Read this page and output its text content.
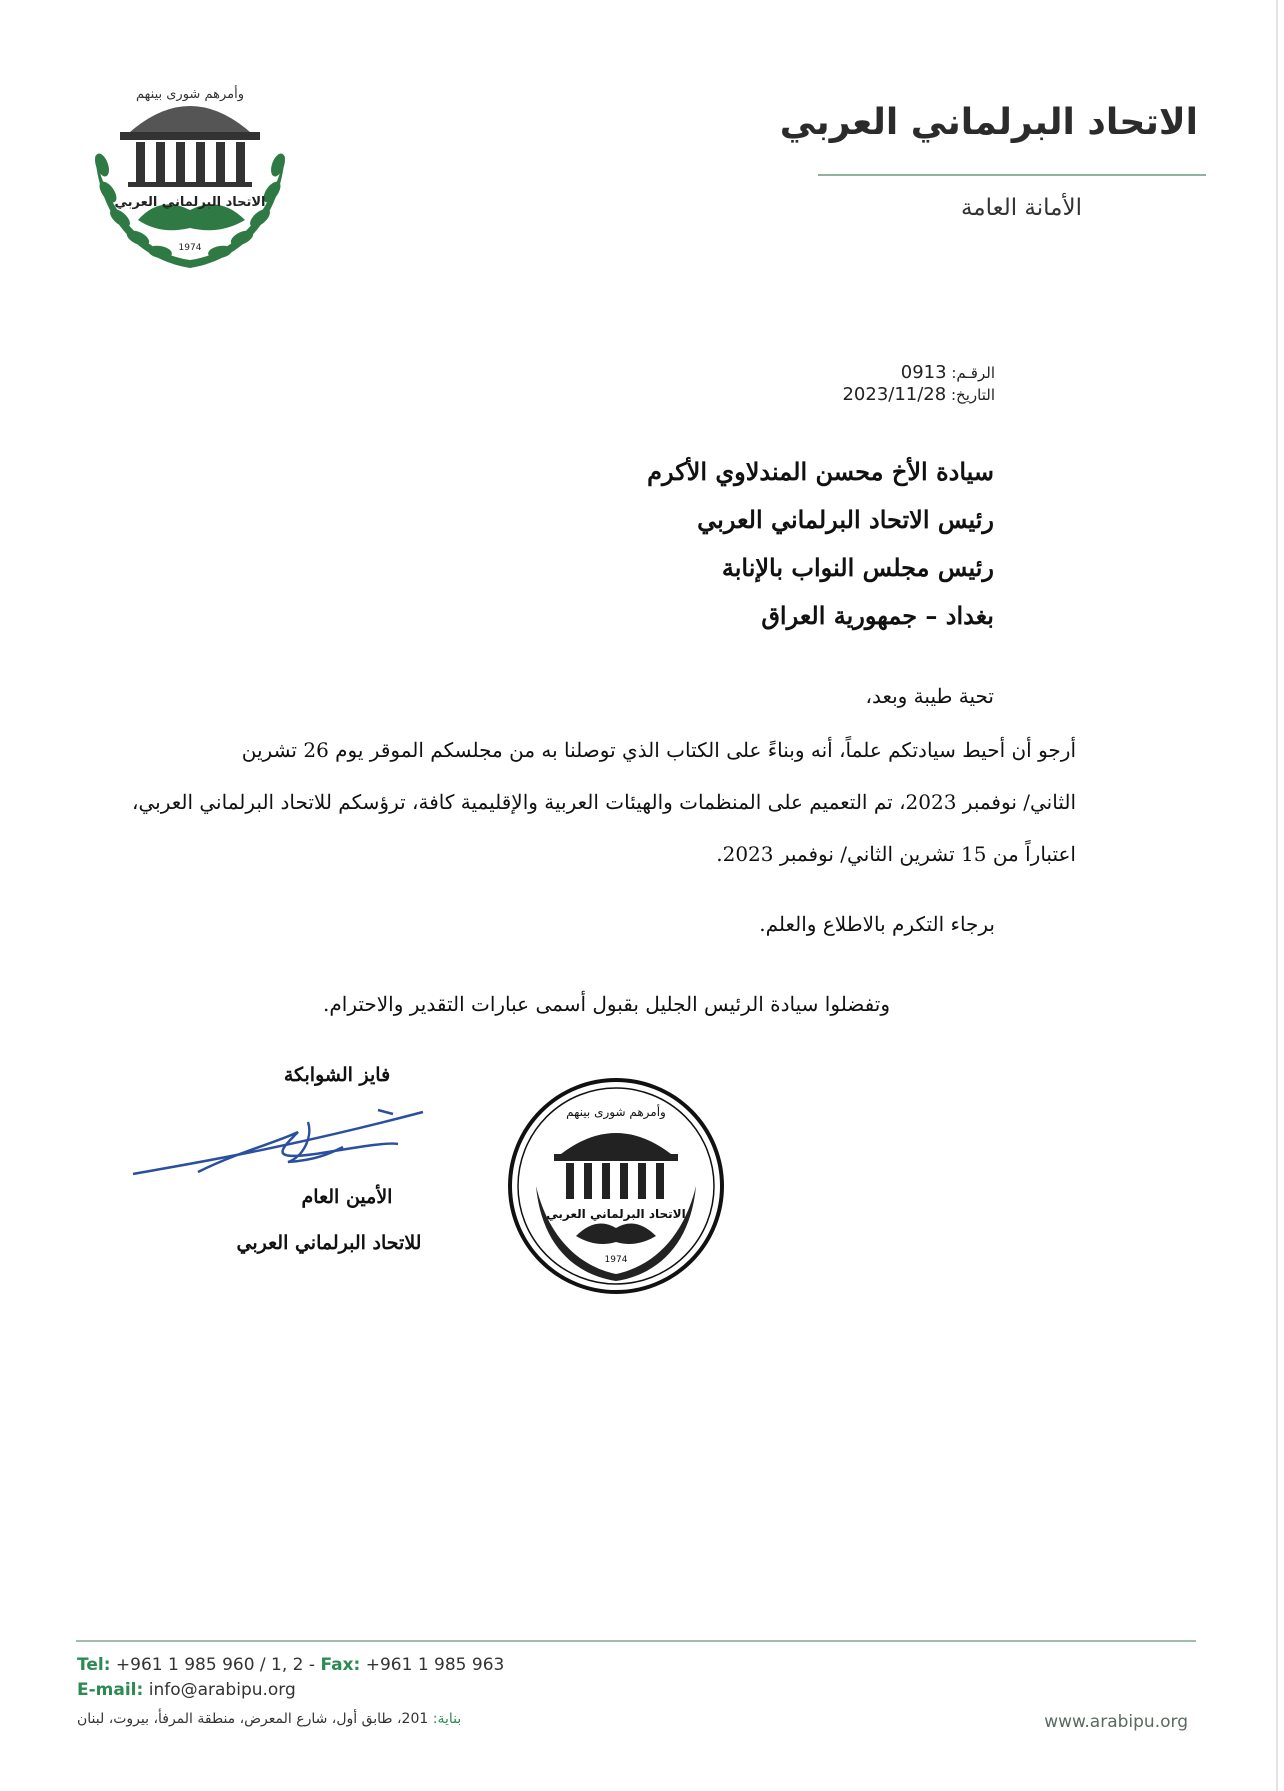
وأمرهم شورى بينهم
الاتحاد البرلماني العربي
1974
الاتحاد البرلماني العربي
الأمانة العامة
الرقـم: 0913
التاريخ: 2023/11/28
سيادة الأخ محسن المندلاوي الأكرم
رئيس الاتحاد البرلماني العربي
رئيس مجلس النواب بالإنابة
بغداد – جمهورية العراق
تحية طيبة وبعد،
أرجو أن أحيط سيادتكم علماً، أنه وبناءً على الكتاب الذي توصلنا به من مجلسكم الموقر يوم 26 تشرين
الثاني/ نوفمبر 2023، تم التعميم على المنظمات والهيئات العربية والإقليمية كافة، ترؤسكم للاتحاد البرلماني العربي،
اعتباراً من 15 تشرين الثاني/ نوفمبر 2023.
برجاء التكرم بالاطلاع والعلم.
وتفضلوا سيادة الرئيس الجليل بقبول أسمى عبارات التقدير والاحترام.
فايز الشوابكة
الأمين العام
للاتحاد البرلماني العربي
وأمرهم شورى بينهم
الاتحاد البرلماني العربي
1974
Tel: +961 1 985 960 / 1, 2 - Fax: +961 1 985 963
E-mail: info@arabipu.org
بناية: 201، طابق أول، شارع المعرض، منطقة المرفأ، بيروت، لبنان	www.arabipu.org
